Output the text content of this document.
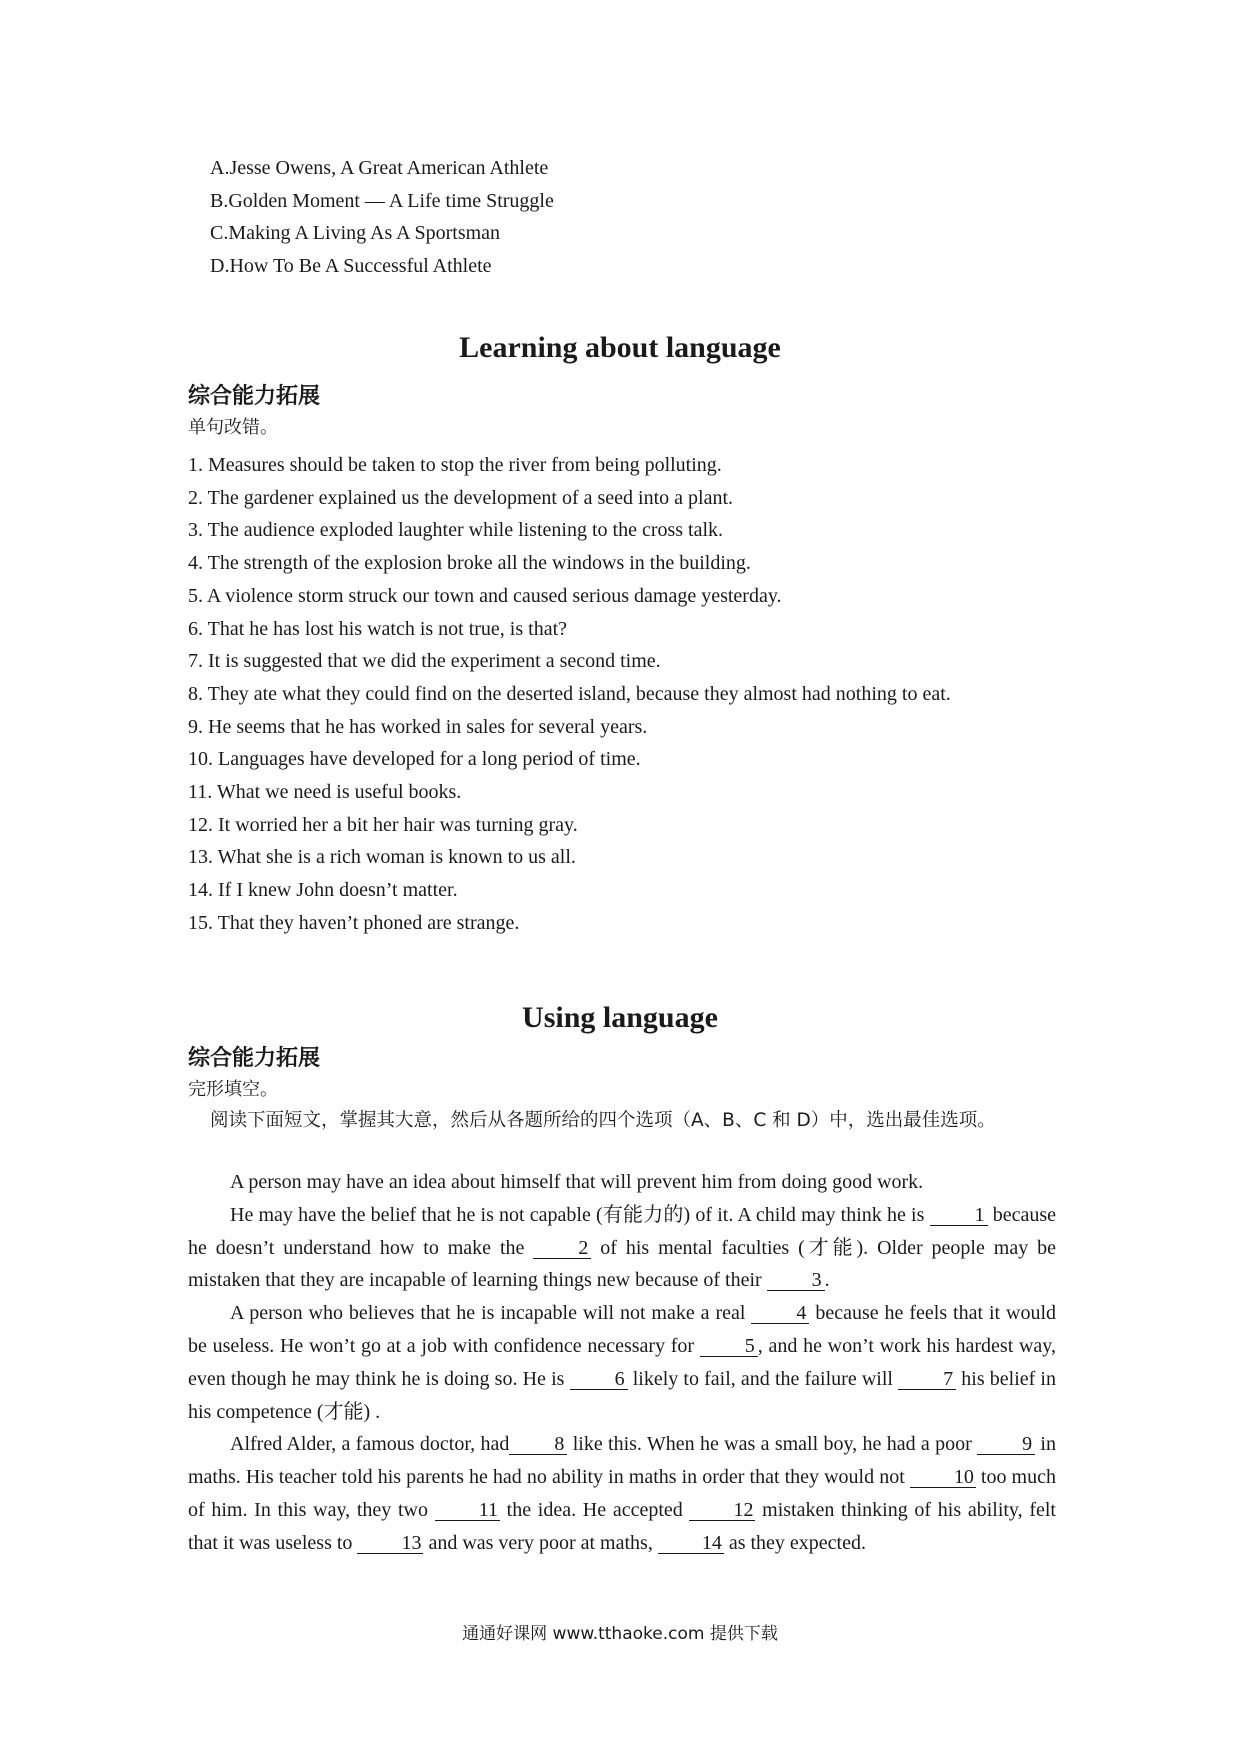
A.Jesse Owens, A Great American Athlete
B.Golden Moment — A Life time Struggle
C.Making A Living As A Sportsman
D.How To Be A Successful Athlete
Learning about language
综合能力拓展
单句改错。
1. Measures should be taken to stop the river from being polluting.
2. The gardener explained us the development of a seed into a plant.
3. The audience exploded laughter while listening to the cross talk.
4. The strength of the explosion broke all the windows in the building.
5. A violence storm struck our town and caused serious damage yesterday.
6. That he has lost his watch is not true, is that?
7. It is suggested that we did the experiment a second time.
8. They ate what they could find on the deserted island, because they almost had nothing to eat.
9. He seems that he has worked in sales for several years.
10. Languages have developed for a long period of time.
11. What we need is useful books.
12. It worried her a bit her hair was turning gray.
13. What she is a rich woman is known to us all.
14. If I knew John doesn’t matter.
15. That they haven’t phoned are strange.
Using language
综合能力拓展
完形填空。
阅读下面短文，掌握其大意，然后从各题所给的四个选项（A、B、C 和 D）中，选出最佳选项。

A person may have an idea about himself that will prevent him from doing good work.

He may have the belief that he is not capable (有能力的) of it. A child may think he is 1 because he doesn’t understand how to make the 2 of his mental faculties (才能). Older people may be mistaken that they are incapable of learning things new because of their 3 .

A person who believes that he is incapable will not make a real 4 because he feels that it would be useless. He won’t go at a job with confidence necessary for 5 , and he won’t work his hardest way, even though he may think he is doing so. He is 6 likely to fail, and the failure will 7 his belief in his competence (才能) .

Alfred Alder, a famous doctor, had 8 like this. When he was a small boy, he had a poor 9 in maths. His teacher told his parents he had no ability in maths in order that they would not 10 too much of him. In this way, they two 11 the idea. He accepted 12 mistaken thinking of his ability, felt that it was useless to 13 and was very poor at maths, 14 as they expected.

通通好课网 www.tthaoke.com 提供下载
